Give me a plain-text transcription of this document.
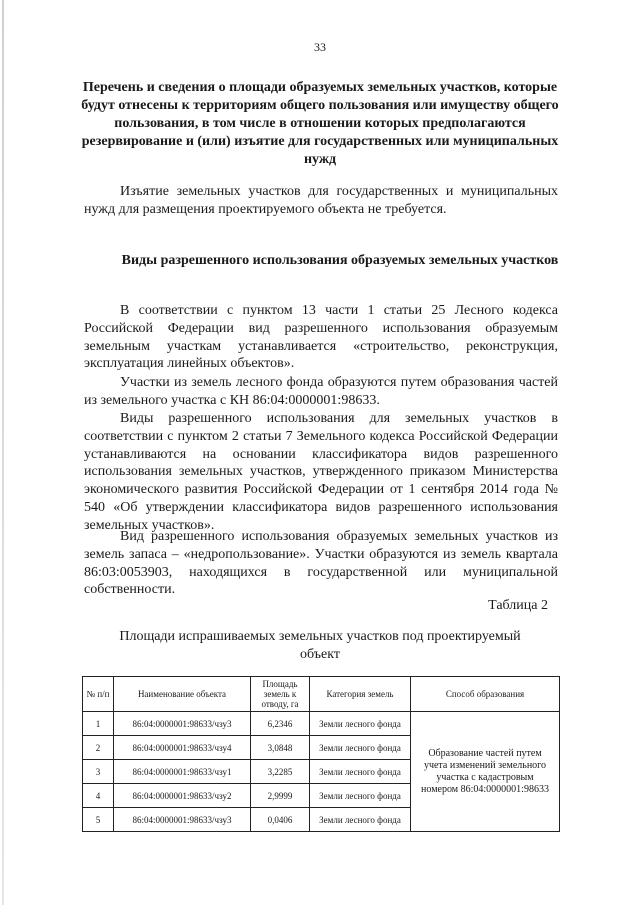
33

Перечень и сведения о площади образуемых земельных участков, которые будут отнесены к территориям общего пользования или имуществу общего пользования, в том числе в отношении которых предполагаются резервирование и (или) изъятие для государственных или муниципальных нужд

Изъятие земельных участков для государственных и муниципальных нужд для размещения проектируемого объекта не требуется.

Виды разрешенного использования образуемых земельных участков

В соответствии с пунктом 13 части 1 статьи 25 Лесного кодекса Российской Федерации вид разрешенного использования образуемым земельным участкам устанавливается «строительство, реконструкция, эксплуатация линейных объектов».

Участки из земель лесного фонда образуются путем образования частей из земельного участка с КН 86:04:0000001:98633.

Виды разрешенного использования для земельных участков в соответствии с пунктом 2 статьи 7 Земельного кодекса Российской Федерации устанавливаются на основании классификатора видов разрешенного использования земельных участков, утвержденного приказом Министерства экономического развития Российской Федерации от 1 сентября 2014 года № 540 «Об утверждении классификатора видов разрешенного использования земельных участков».

Вид разрешенного использования образуемых земельных участков из земель запаса – «недропользование». Участки образуются из земель квартала 86:03:0053903, находящихся в государственной или муниципальной собственности.

Таблица 2

Площади испрашиваемых земельных участков под проектируемый объект

№ п/п	Наименование объекта	Площадь земель к отводу, га	Категория земель	Способ образования
1	86:04:0000001:98633/чзу3	6,2346	Земли лесного фонда	Образование частей путем учета изменений земельного участка с кадастровым номером 86:04:0000001:98633
2	86:04:0000001:98633/чзу4	3,0848	Земли лесного фонда	
3	86:04:0000001:98633/чзу1	3,2285	Земли лесного фонда	
4	86:04:0000001:98633/чзу2	2,9999	Земли лесного фонда	
5	86:04:0000001:98633/чзу3	0,0406	Земли лесного фонда	
